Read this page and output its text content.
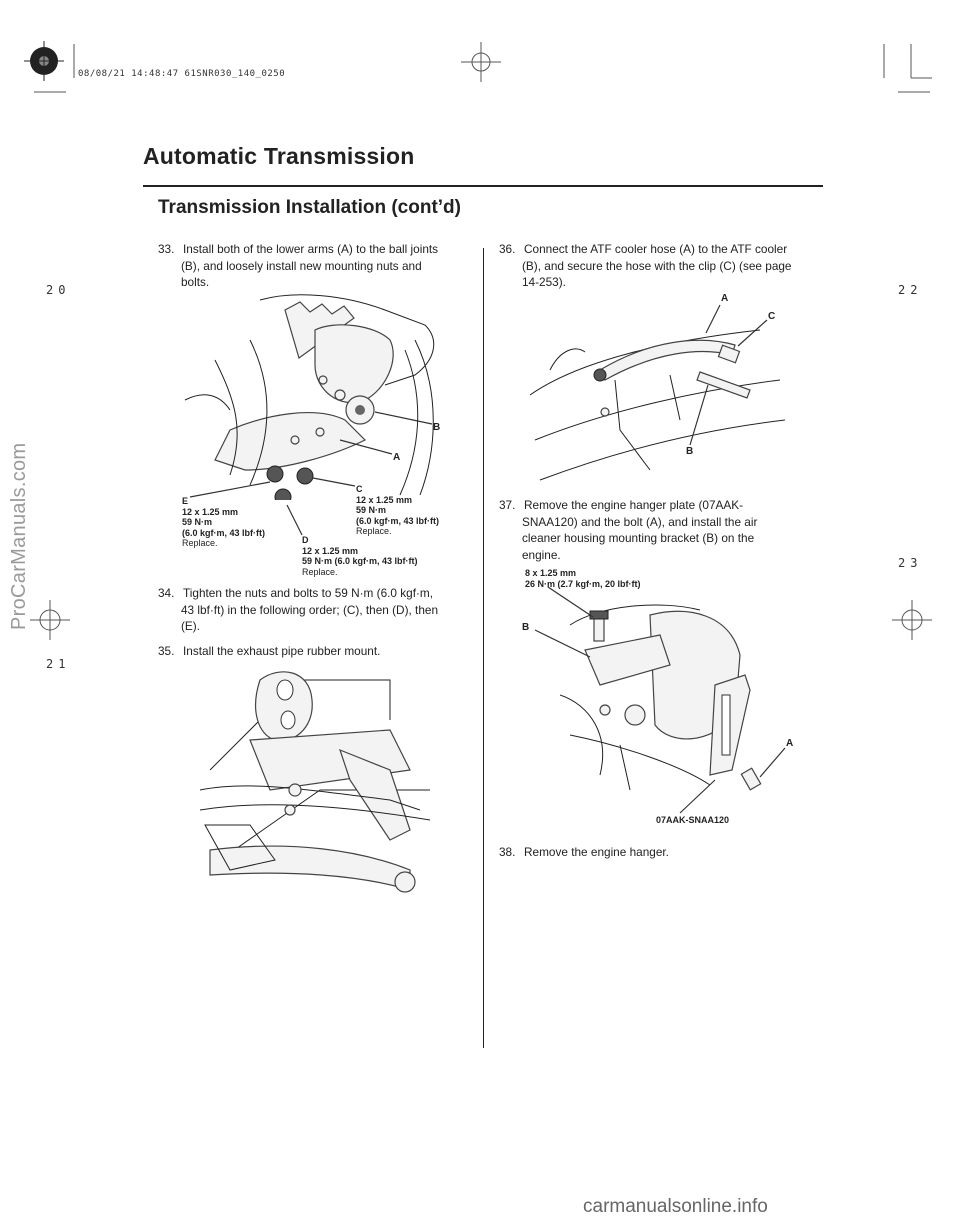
08/08/21 14:48:47 61SNR030_140_0250
20
21
22
23
Automatic Transmission
Transmission Installation (cont’d)
33. Install both of the lower arms (A) to the ball joints
(B), and loosely install new mounting nuts and
bolts.
34. Tighten the nuts and bolts to 59 N·m (6.0 kgf·m,
43 lbf·ft) in the following order; (C), then (D), then
(E).
35. Install the exhaust pipe rubber mount.
36. Connect the ATF cooler hose (A) to the ATF cooler
(B), and secure the hose with the clip (C) (see page
14-253).
37. Remove the engine hanger plate (07AAK-
SNAA120) and the bolt (A), and install the air
cleaner housing mounting bracket (B) on the
engine.
38. Remove the engine hanger.
B
A
C
12 x 1.25 mm
59 N·m
(6.0 kgf·m, 43 lbf·ft)
Replace.
E
12 x 1.25 mm
59 N·m
(6.0 kgf·m, 43 lbf·ft)
Replace.	D
12 x 1.25 mm
59 N·m (6.0 kgf·m, 43 lbf·ft)
Replace.
A
C
B
8 x 1.25 mm
26 N·m (2.7 kgf·m, 20 lbf·ft)
B
A
07AAK-SNAA120
ProCarManuals.com
carmanualsonline.info
